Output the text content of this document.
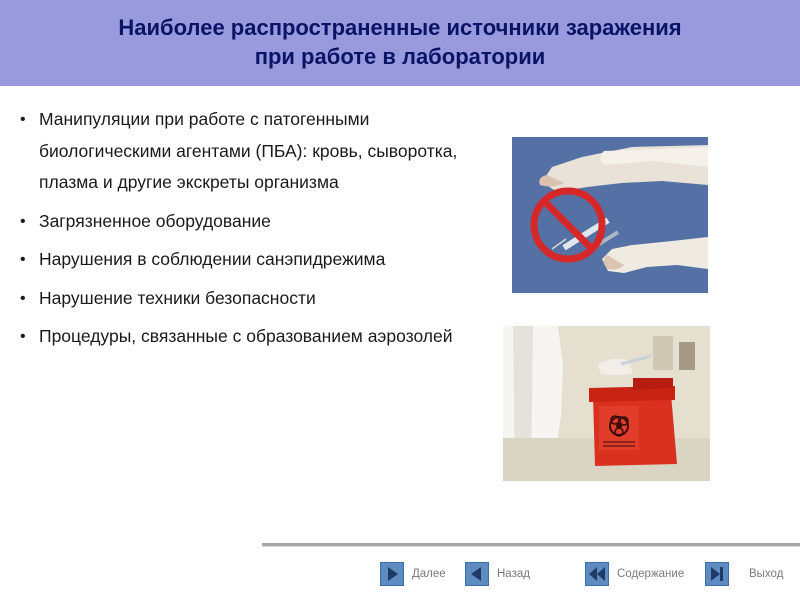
Наиболее распространенные источники заражения
при работе в лаборатории
• Манипуляции при работе с патогенными биологическими агентами (ПБА): кровь, сыворотка, плазма и другие экскреты организма
• Загрязненное оборудование
• Нарушения в соблюдении санэпидрежима
• Нарушение техники безопасности
• Процедуры, связанные с образованием аэрозолей
Далее	Назад	Содержание	Выход
